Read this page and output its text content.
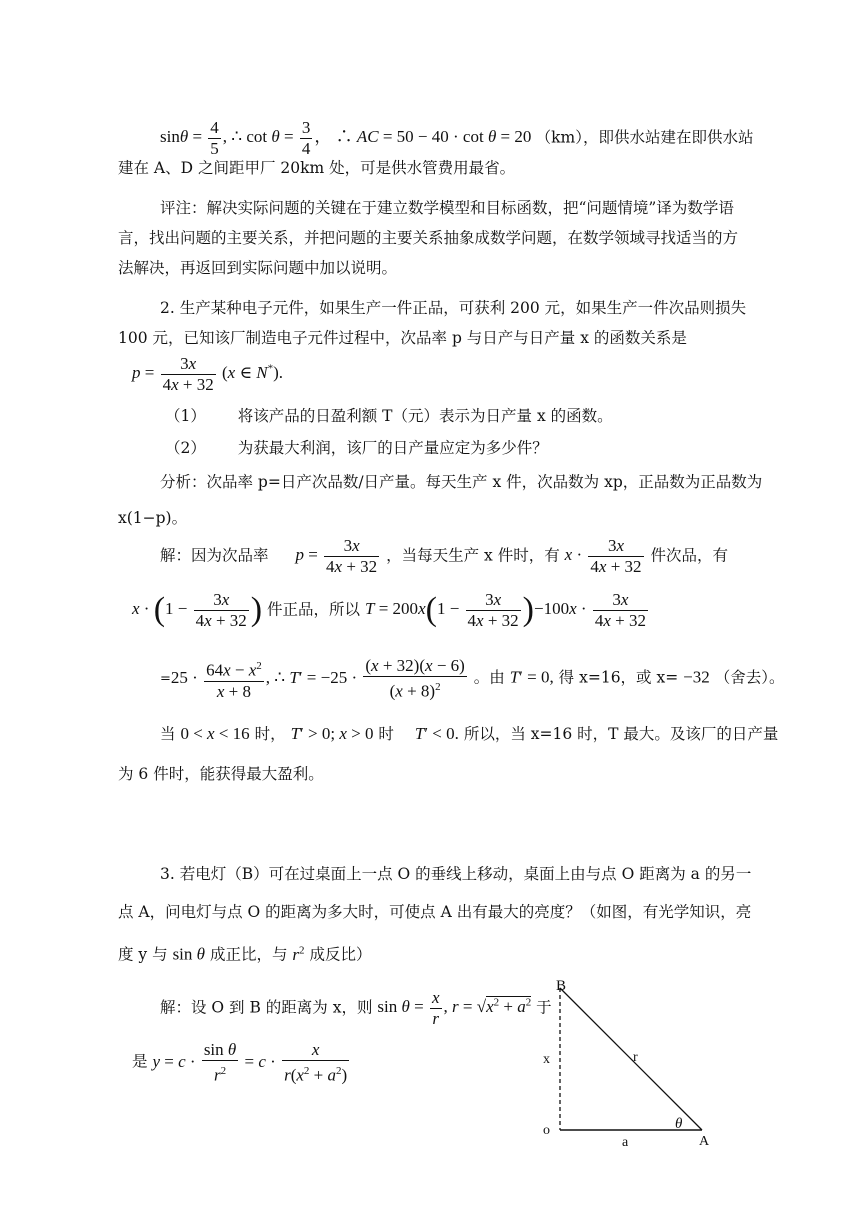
$\sin\theta = \frac{4}{5}$ , ∴ $\cot \theta = \frac{3}{4}$ ， ∴ AC = 50 − 40 · cot θ = 20 （km），即供水站建在即供水站
建在 A、D 之间距甲厂 20km 处，可是供水管费用最省。
评注：解决实际问题的关键在于建立数学模型和目标函数，把“问题情境”译为数学语
言，找出问题的主要关系，并把问题的主要关系抽象成数学问题，在数学领域寻找适当的方
法解决，再返回到实际问题中加以说明。
2. 生产某种电子元件，如果生产一件正品，可获利 200 元，如果生产一件次品则损失
100 元，已知该厂制造电子元件过程中，次品率 p 与日产与日产量 x 的函数关系是
$p = \frac{3x}{4x + 32} (x$ ∈ N*).
（1） 将该产品的日盈利额 T（元）表示为日产量 x 的函数。
（2） 为获最大利润，该厂的日产量应定为多少件？
分析：次品率 p=日产次品数/日产量。每天生产 x 件，次品数为 xp，正品数为正品数为
x(1−p)。
解：因为次品率 $p = \frac{3x}{4x + 32}$ ，当每天生产 x 件时，有 $x \cdot \frac{3x}{4x + 32}$ 件次品，有
$x \cdot (1 - \frac{3x}{4x + 32}$ ) 件正品，所以 $T = 200x(1 - \frac{3x}{4x + 32} )-100x \cdot \frac{3x}{4x + 32}$
$=25 \cdot \frac{64x - x^2}{x + 8}$ , ∴ $T' = -25 \cdot \frac{(x + 32)(x - 6)}{(x + 8)^2}$ 。由 T′ = 0, 得 x=16，或 x= −32 （舍去）。
当 0 < x < 16 时， T′ > 0; x > 0 时 T′ < 0. 所以，当 x=16 时，T 最大。及该厂的日产量
为 6 件时，能获得最大盈利。
3. 若电灯（B）可在过桌面上一点 O 的垂线上移动，桌面上由与点 O 距离为 a 的另一
点 A，问电灯与点 O 的距离为多大时，可使点 A 出有最大的亮度？（如图，有光学知识，亮
度 y 与 sin θ 成正比，与 $r^2$ 成反比）
解：设 O 到 B 的距离为 x，则 $\sin \theta = \frac{x}{r}$ , $r = √x^2 + a^2$ 于
是 $y = c \cdot \frac{\text{sin θ}}{r^2} = c \cdot \frac{x}{r(x^2 + a^2)}$
B
x	r
o
a	A
θ
